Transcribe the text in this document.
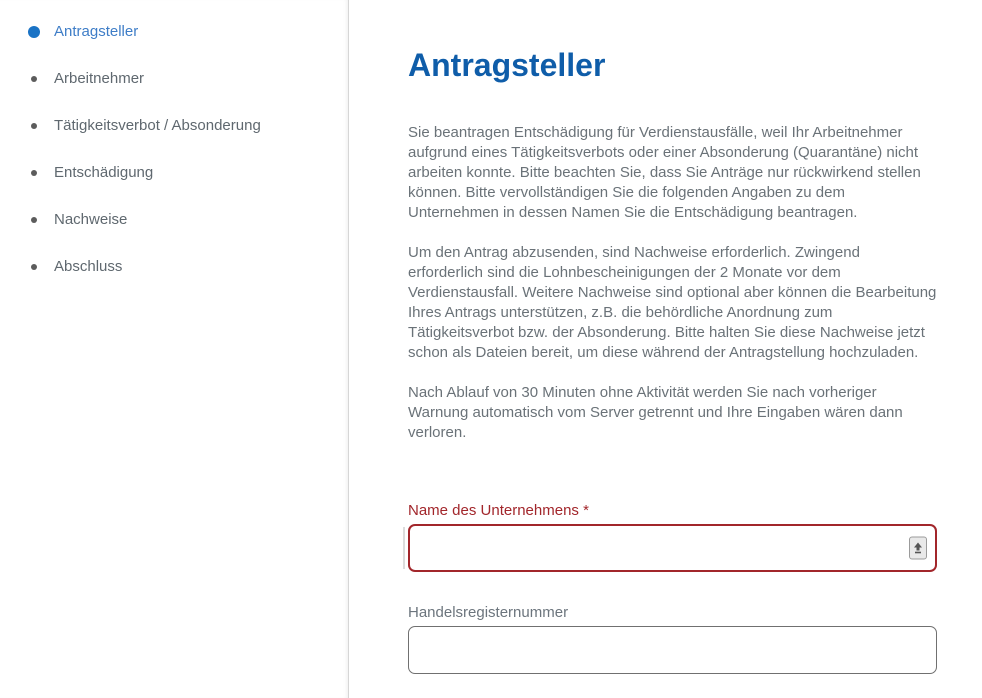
Antragsteller
Arbeitnehmer
Tätigkeitsverbot / Absonderung
Entschädigung
Nachweise
Abschluss
Antragsteller

Sie beantragen Entschädigung für Verdienstausfälle, weil Ihr Arbeitnehmer aufgrund eines Tätigkeitsverbots oder einer Absonderung (Quarantäne) nicht arbeiten konnte. Bitte beachten Sie, dass Sie Anträge nur rückwirkend stellen können. Bitte vervollständigen Sie die folgenden Angaben zu dem Unternehmen in dessen Namen Sie die Entschädigung beantragen.

Um den Antrag abzusenden, sind Nachweise erforderlich. Zwingend erforderlich sind die Lohnbescheinigungen der 2 Monate vor dem Verdienstausfall. Weitere Nachweise sind optional aber können die Bearbeitung Ihres Antrags unterstützen, z.B. die behördliche Anordnung zum Tätigkeitsverbot bzw. der Absonderung. Bitte halten Sie diese Nachweise jetzt schon als Dateien bereit, um diese während der Antragstellung hochzuladen.

Nach Ablauf von 30 Minuten ohne Aktivität werden Sie nach vorheriger Warnung automatisch vom Server getrennt und Ihre Eingaben wären dann verloren.

Name des Unternehmens *
Handelsregisternummer
